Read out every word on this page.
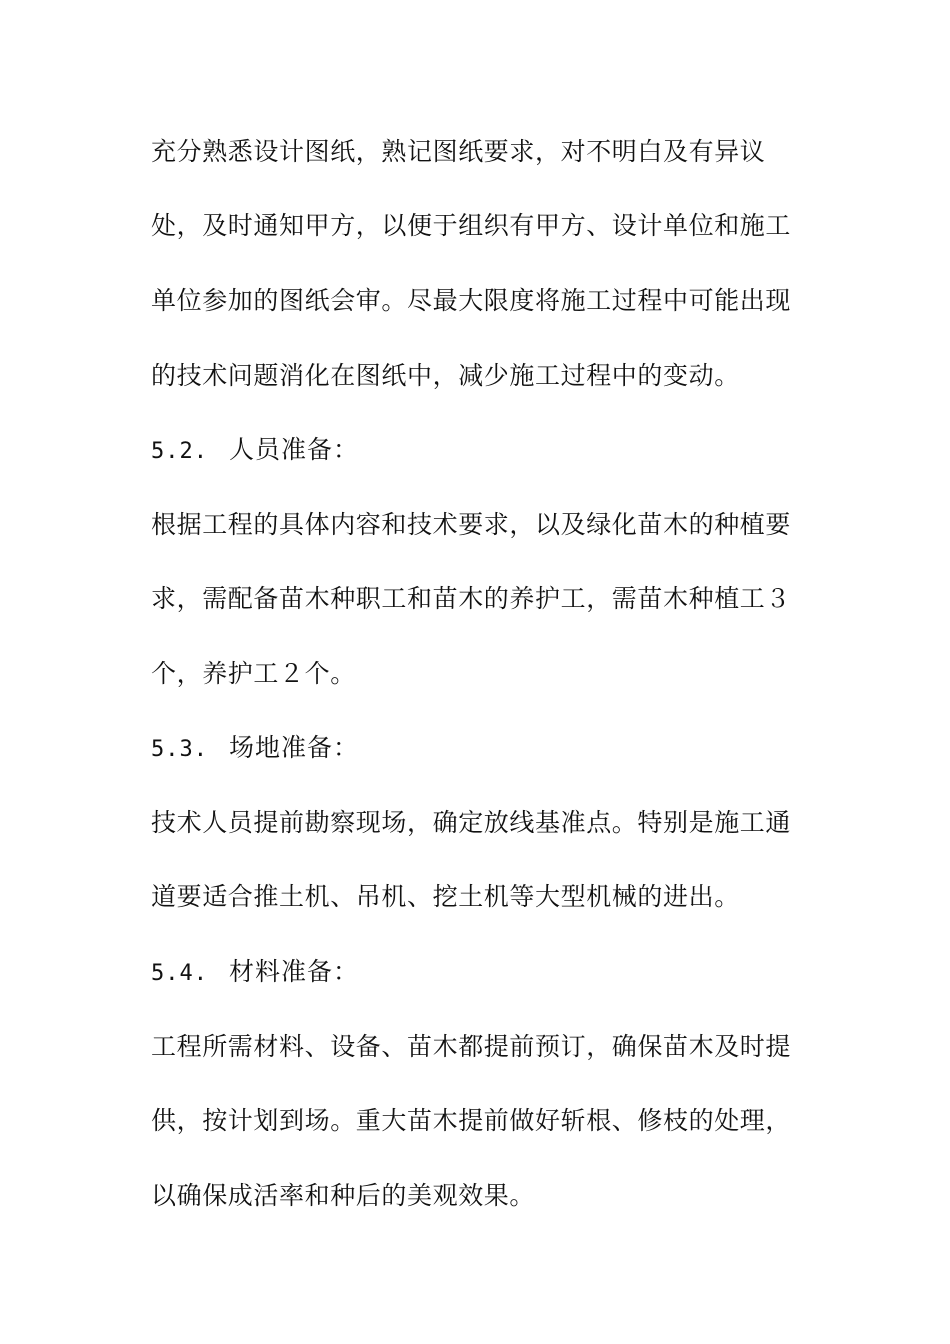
充分熟悉设计图纸，熟记图纸要求，对不明白及有异议
处，及时通知甲方，以便于组织有甲方、设计单位和施工
单位参加的图纸会审。尽最大限度将施工过程中可能出现
的技术问题消化在图纸中，减少施工过程中的变动。
5.2. 人员准备：
根据工程的具体内容和技术要求，以及绿化苗木的种植要
求，需配备苗木种职工和苗木的养护工，需苗木种植工３
个，养护工２个。
5.3. 场地准备：
技术人员提前勘察现场，确定放线基准点。特别是施工通
道要适合推土机、吊机、挖土机等大型机械的进出。
5.4. 材料准备：
工程所需材料、设备、苗木都提前预订，确保苗木及时提
供，按计划到场。重大苗木提前做好斩根、修枝的处理，
以确保成活率和种后的美观效果。
